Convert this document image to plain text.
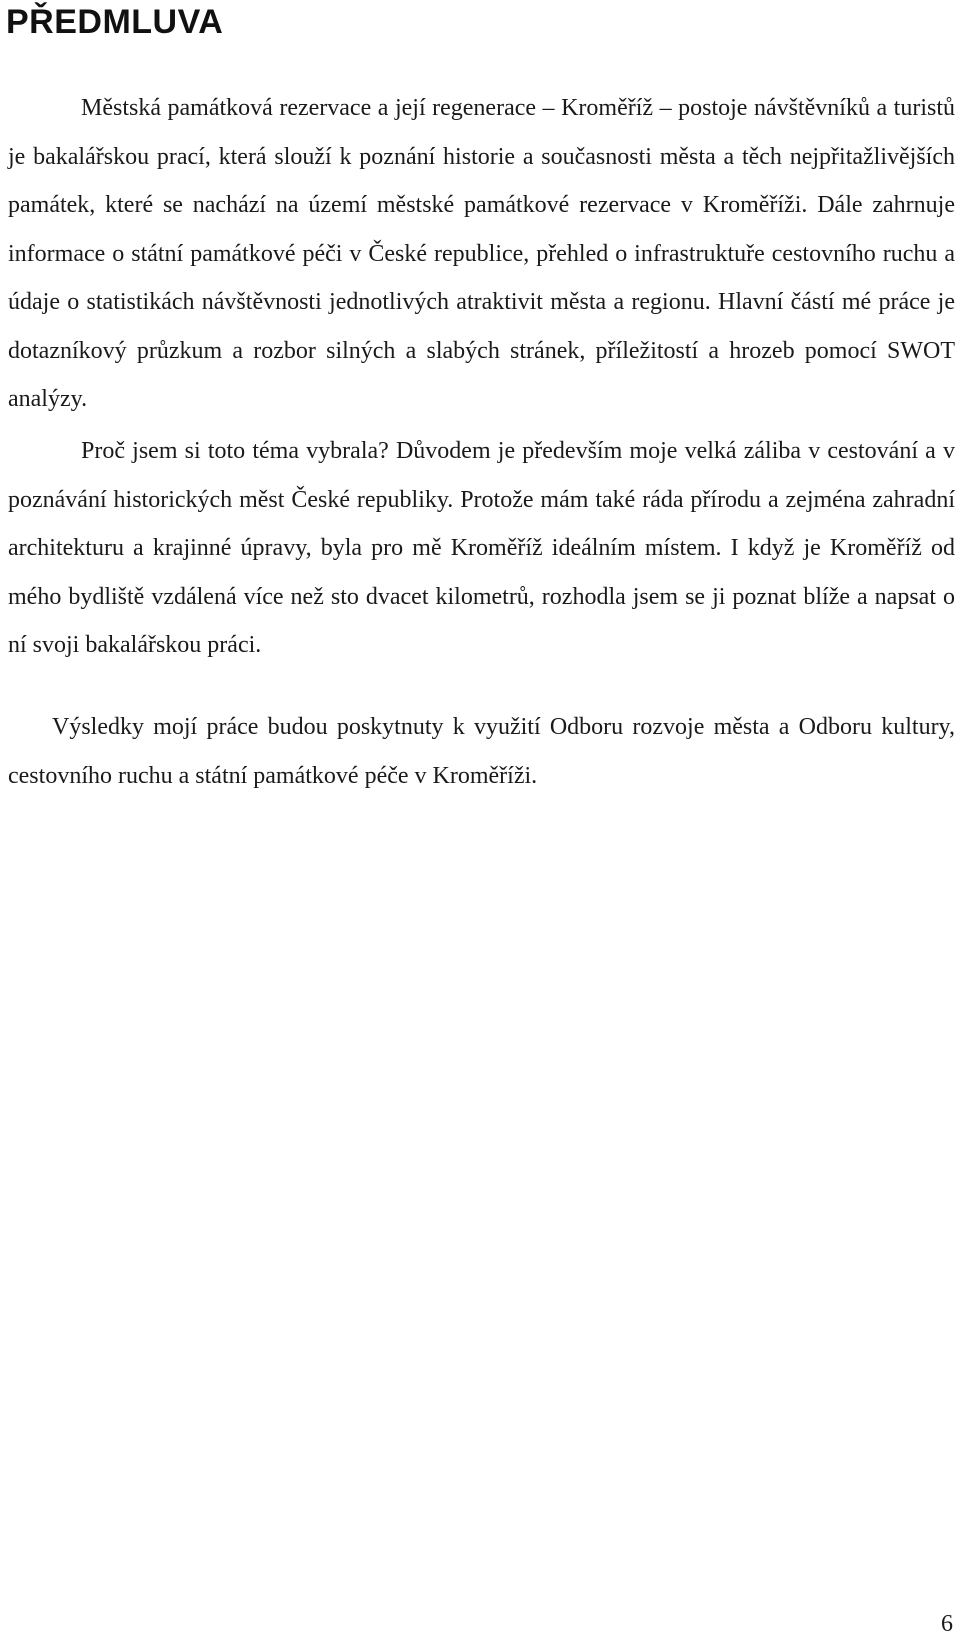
PŘEDMLUVA

Městská památková rezervace a její regenerace – Kroměříž – postoje návštěvníků a turistů je bakalářskou prací, která slouží k poznání historie a současnosti města a těch nejpřitažlivějších památek, které se nachází na území městské památkové rezervace v Kroměříži. Dále zahrnuje informace o státní památkové péči v České republice, přehled o infrastruktuře cestovního ruchu a údaje o statistikách návštěvnosti jednotlivých atraktivit města a regionu. Hlavní částí mé práce je dotazníkový průzkum a rozbor silných a slabých stránek, příležitostí a hrozeb pomocí SWOT analýzy.

Proč jsem si toto téma vybrala? Důvodem je především moje velká záliba v cestování a v poznávání historických měst České republiky. Protože mám také ráda přírodu a zejména zahradní architekturu a krajinné úpravy, byla pro mě Kroměříž ideálním místem. I když je Kroměříž od mého bydliště vzdálená více než sto dvacet kilometrů, rozhodla jsem se ji poznat blíže a napsat o ní svoji bakalářskou práci.

Výsledky mojí práce budou poskytnuty k využití Odboru rozvoje města a Odboru kultury, cestovního ruchu a státní památkové péče v Kroměříži.

6
